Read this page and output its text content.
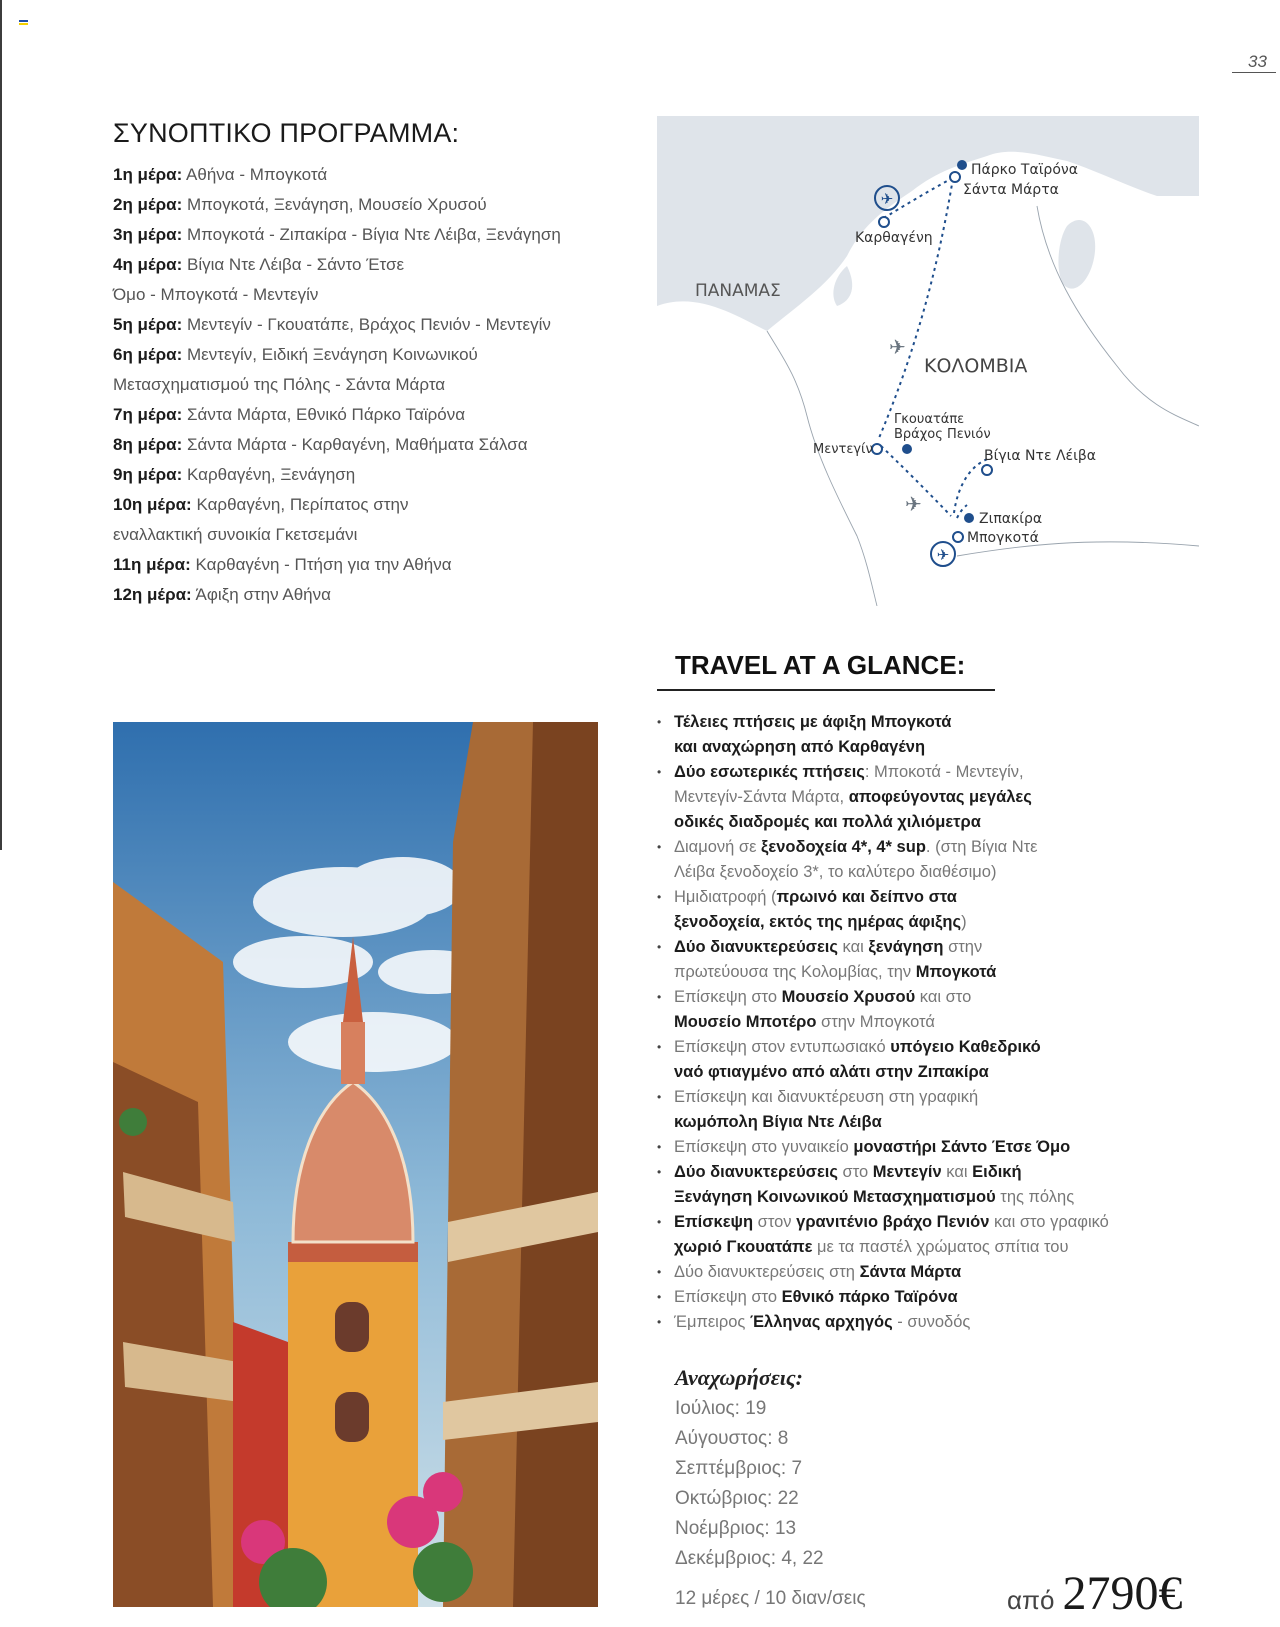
33
ΣΥΝΟΠΤΙΚΟ ΠΡΟΓΡΑΜΜΑ:
1η μέρα: Αθήνα - Μπογκοτά
2η μέρα: Μπογκοτά, Ξενάγηση, Μουσείο Χρυσού
3η μέρα: Μπογκοτά - Ζιπακίρα - Βίγια Ντε Λέιβα, Ξενάγηση
4η μέρα: Βίγια Ντε Λέιβα - Σάντο Έτσε
Όμο - Μπογκοτά - Μεντεγίν
5η μέρα: Μεντεγίν - Γκουατάπε, Βράχος Πενιόν - Μεντεγίν
6η μέρα: Μεντεγίν, Ειδική Ξενάγηση Κοινωνικού
Μετασχηματισμού της Πόλης - Σάντα Μάρτα
7η μέρα: Σάντα Μάρτα, Εθνικό Πάρκο Ταϊρόνα
8η μέρα: Σάντα Μάρτα - Καρθαγένη, Μαθήματα Σάλσα
9η μέρα: Καρθαγένη, Ξενάγηση
10η μέρα: Καρθαγένη, Περίπατος στην
εναλλακτική συνοικία Γκετσεμάνι
11η μέρα: Καρθαγένη - Πτήση για την Αθήνα
12η μέρα: Άφιξη στην Αθήνα
✈
✈
✈
✈
Πάρκο Ταϊρόνα
Σάντα Μάρτα
Καρθαγένη
ΠΑΝΑΜΑΣ
ΚΟΛΟΜΒΙΑ
Γκουατάπε
Βράχος Πενιόν
Μεντεγίν	Βίγια Ντε Λέιβα
Ζιπακίρα
Μπογκοτά
TRAVEL AT A GLANCE:
• Τέλειες πτήσεις με άφιξη Μπογκοτά
και αναχώρηση από Καρθαγένη
• Δύο εσωτερικές πτήσεις: Μποκοτά - Μεντεγίν,
Μεντεγίν-Σάντα Μάρτα, αποφεύγοντας μεγάλες
οδικές διαδρομές και πολλά χιλιόμετρα
• Διαμονή σε ξενοδοχεία 4*, 4* sup. (στη Βίγια Ντε
Λέιβα ξενοδοχείο 3*, το καλύτερο διαθέσιμο)
• Ημιδιατροφή (πρωινό και δείπνο στα
ξενοδοχεία, εκτός της ημέρας άφιξης)
• Δύο διανυκτερεύσεις και ξενάγηση στην
πρωτεύουσα της Κολομβίας, την Μπογκοτά
• Επίσκεψη στο Μουσείο Χρυσού και στο
Μουσείο Μποτέρο στην Μπογκοτά
• Επίσκεψη στον εντυπωσιακό υπόγειο Καθεδρικό
ναό φτιαγμένο από αλάτι στην Ζιπακίρα
• Επίσκεψη και διανυκτέρευση στη γραφική
κωμόπολη Βίγια Ντε Λέιβα
• Επίσκεψη στο γυναικείο μοναστήρι Σάντο Έτσε Όμο
• Δύο διανυκτερεύσεις στο Μεντεγίν και Ειδική
Ξενάγηση Κοινωνικού Μετασχηματισμού της πόλης
• Επίσκεψη στον γρανιτένιο βράχο Πενιόν και στο γραφικό
χωριό Γκουατάπε με τα παστέλ χρώματος σπίτια του
• Δύο διανυκτερεύσεις στη Σάντα Μάρτα
• Επίσκεψη στο Εθνικό πάρκο Ταϊρόνα
• Έμπειρος Έλληνας αρχηγός - συνοδός
Αναχωρήσεις:
Ιούλιος: 19
Αύγουστος: 8
Σεπτέμβριος: 7
Οκτώβριος: 22
Νοέμβριος: 13
Δεκέμβριος: 4, 22
12 μέρες / 10 διαν/σεις	από 2790€
